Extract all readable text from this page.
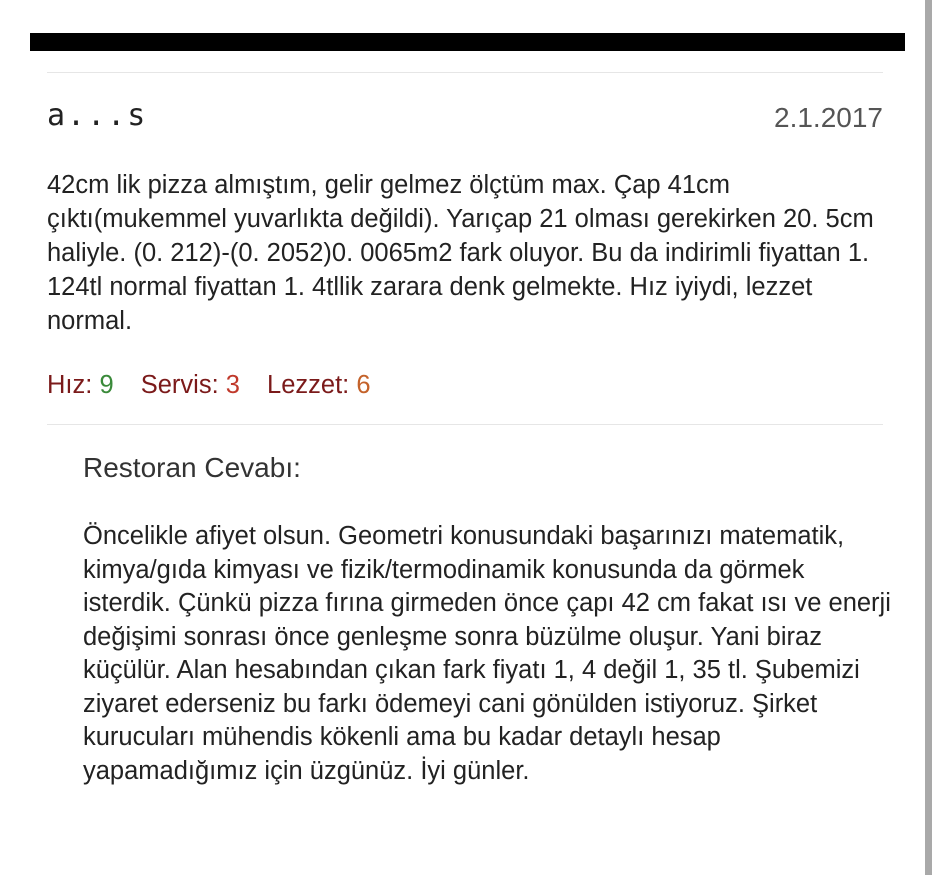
a...s	2.1.2017

42cm lik pizza almıştım, gelir gelmez ölçtüm max. Çap 41cm çıktı(mukemmel yuvarlıkta değildi). Yarıçap 21 olması gerekirken 20. 5cm haliyle. (0. 212)-(0. 2052)0. 0065m2 fark oluyor. Bu da indirimli fiyattan 1. 124tl normal fiyattan 1. 4tllik zarara denk gelmekte. Hız iyiydi, lezzet normal.

Hız: 9 Servis: 3 Lezzet: 6
Restoran Cevabı:

Öncelikle afiyet olsun. Geometri konusundaki başarınızı matematik, kimya/gıda kimyası ve fizik/termodinamik konusunda da görmek isterdik. Çünkü pizza fırına girmeden önce çapı 42 cm fakat ısı ve enerji değişimi sonrası önce genleşme sonra büzülme oluşur. Yani biraz küçülür. Alan hesabından çıkan fark fiyatı 1, 4 değil 1, 35 tl. Şubemizi ziyaret ederseniz bu farkı ödemeyi cani gönülden istiyoruz. Şirket kurucuları mühendis kökenli ama bu kadar detaylı hesap yapamadığımız için üzgünüz. İyi günler.
